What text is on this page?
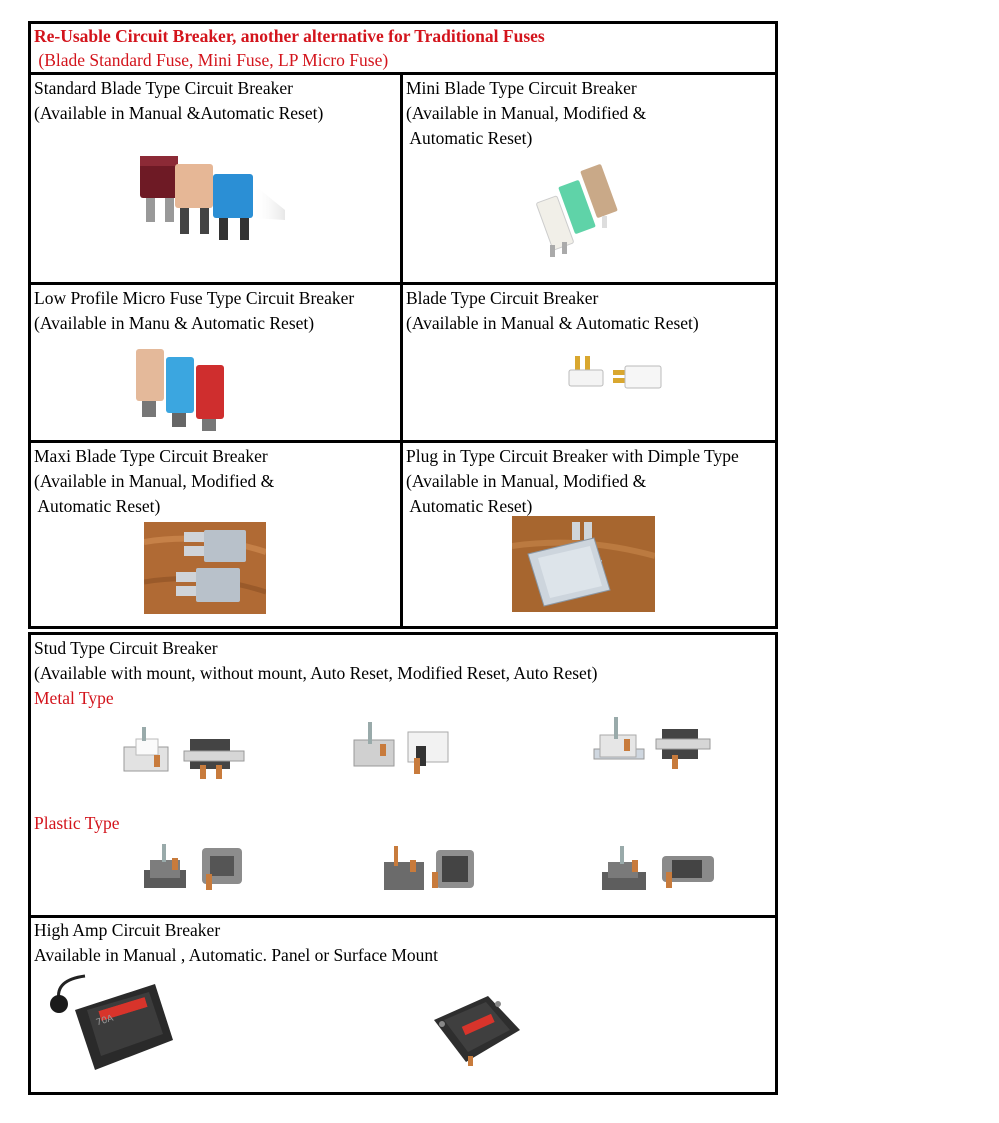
Re-Usable Circuit Breaker, another alternative for Traditional Fuses
(Blade Standard Fuse, Mini Fuse, LP Micro Fuse)
Standard Blade Type Circuit Breaker
(Available in Manual &Automatic Reset)
Mini Blade Type Circuit Breaker
(Available in Manual, Modified &
Automatic Reset)
Low Profile Micro Fuse Type Circuit Breaker
(Available in Manu & Automatic Reset)
Blade Type Circuit Breaker
(Available in Manual & Automatic Reset)
Maxi Blade Type Circuit Breaker
(Available in Manual, Modified &
Automatic Reset)
Plug in Type Circuit Breaker with Dimple Type
(Available in Manual, Modified &
Automatic Reset)
Stud Type Circuit Breaker
(Available with mount, without mount, Auto Reset, Modified Reset, Auto Reset)
Metal Type
Plastic Type
High Amp Circuit Breaker
Available in Manual , Automatic. Panel or Surface Mount
70A
